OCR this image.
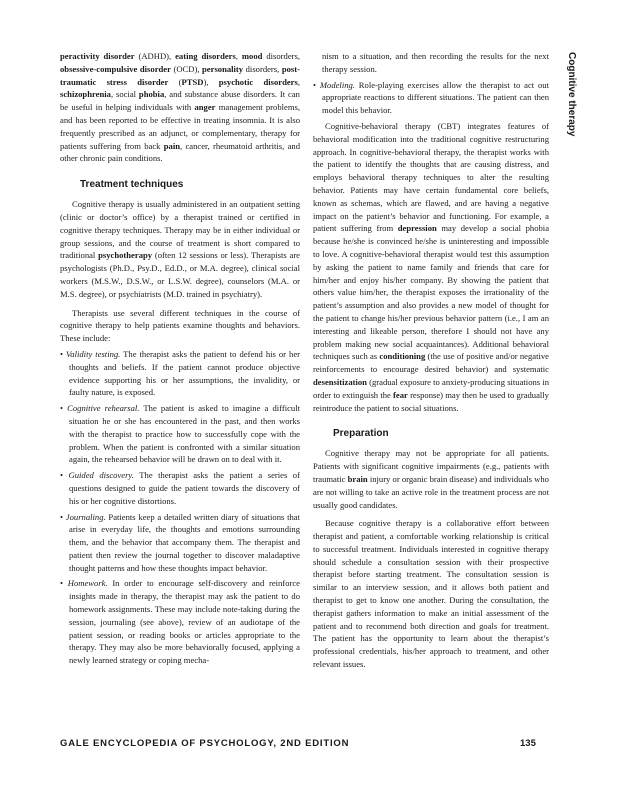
Cognitive therapy

peractivity disorder (ADHD), eating disorders, mood disorders, obsessive-compulsive disorder (OCD), personality disorders, post-traumatic stress disorder (PTSD), psychotic disorders, schizophrenia, social phobia, and substance abuse disorders. It can be useful in helping individuals with anger management problems, and has been reported to be effective in treating insomnia. It is also frequently prescribed as an adjunct, or complementary, therapy for patients suffering from back pain, cancer, rheumatoid arthritis, and other chronic pain conditions.

Treatment techniques

Cognitive therapy is usually administered in an outpatient setting (clinic or doctor’s office) by a therapist trained or certified in cognitive therapy techniques. Therapy may be in either individual or group sessions, and the course of treatment is short compared to traditional psychotherapy (often 12 sessions or less). Therapists are psychologists (Ph.D., Psy.D., Ed.D., or M.A. degree), clinical social workers (M.S.W., D.S.W., or L.S.W. degree), counselors (M.A. or M.S. degree), or psychiatrists (M.D. trained in psychiatry).

Therapists use several different techniques in the course of cognitive therapy to help patients examine thoughts and behaviors. These include:

• Validity testing. The therapist asks the patient to defend his or her thoughts and beliefs. If the patient cannot produce objective evidence supporting his or her assumptions, the invalidity, or faulty nature, is exposed.

• Cognitive rehearsal. The patient is asked to imagine a difficult situation he or she has encountered in the past, and then works with the therapist to practice how to successfully cope with the problem. When the patient is confronted with a similar situation again, the rehearsed behavior will be drawn on to deal with it.

• Guided discovery. The therapist asks the patient a series of questions designed to guide the patient towards the discovery of his or her cognitive distortions.

• Journaling. Patients keep a detailed written diary of situations that arise in everyday life, the thoughts and emotions surrounding them, and the behavior that accompany them. The therapist and patient then review the journal together to discover maladaptive thought patterns and how these thoughts impact behavior.

• Homework. In order to encourage self-discovery and reinforce insights made in therapy, the therapist may ask the patient to do homework assignments. These may include note-taking during the session, journaling (see above), review of an audiotape of the patient session, or reading books or articles appropriate to the therapy. They may also be more behaviorally focused, applying a newly learned strategy or coping mecha-

nism to a situation, and then recording the results for the next therapy session.

• Modeling. Role-playing exercises allow the therapist to act out appropriate reactions to different situations. The patient can then model this behavior.

Cognitive-behavioral therapy (CBT) integrates features of behavioral modification into the traditional cognitive restructuring approach. In cognitive-behavioral therapy, the therapist works with the patient to identify the thoughts that are causing distress, and employs behavioral therapy techniques to alter the resulting behavior. Patients may have certain fundamental core beliefs, known as schemas, which are flawed, and are having a negative impact on the patient’s behavior and functioning. For example, a patient suffering from depression may develop a social phobia because he/she is convinced he/she is uninteresting and impossible to love. A cognitive-behavioral therapist would test this assumption by asking the patient to name family and friends that care for him/her and enjoy his/her company. By showing the patient that others value him/her, the therapist exposes the irrationality of the patient’s assumption and also provides a new model of thought for the patient to change his/her previous behavior pattern (i.e., I am an interesting and likeable person, therefore I should not have any problem making new social acquaintances). Additional behavioral techniques such as conditioning (the use of positive and/or negative reinforcements to encourage desired behavior) and systematic desensitization (gradual exposure to anxiety-producing situations in order to extinguish the fear response) may then be used to gradually reintroduce the patient to social situations.

Preparation

Cognitive therapy may not be appropriate for all patients. Patients with significant cognitive impairments (e.g., patients with traumatic brain injury or organic brain disease) and individuals who are not willing to take an active role in the treatment process are not usually good candidates.

Because cognitive therapy is a collaborative effort between therapist and patient, a comfortable working relationship is critical to successful treatment. Individuals interested in cognitive therapy should schedule a consultation session with their prospective therapist before starting treatment. The consultation session is similar to an interview session, and it allows both patient and therapist to get to know one another. During the consultation, the therapist gathers information to make an initial assessment of the patient and to recommend both direction and goals for treatment. The patient has the opportunity to learn about the therapist’s professional credentials, his/her approach to treatment, and other relevant issues.

GALE ENCYCLOPEDIA OF PSYCHOLOGY, 2ND EDITION	135
